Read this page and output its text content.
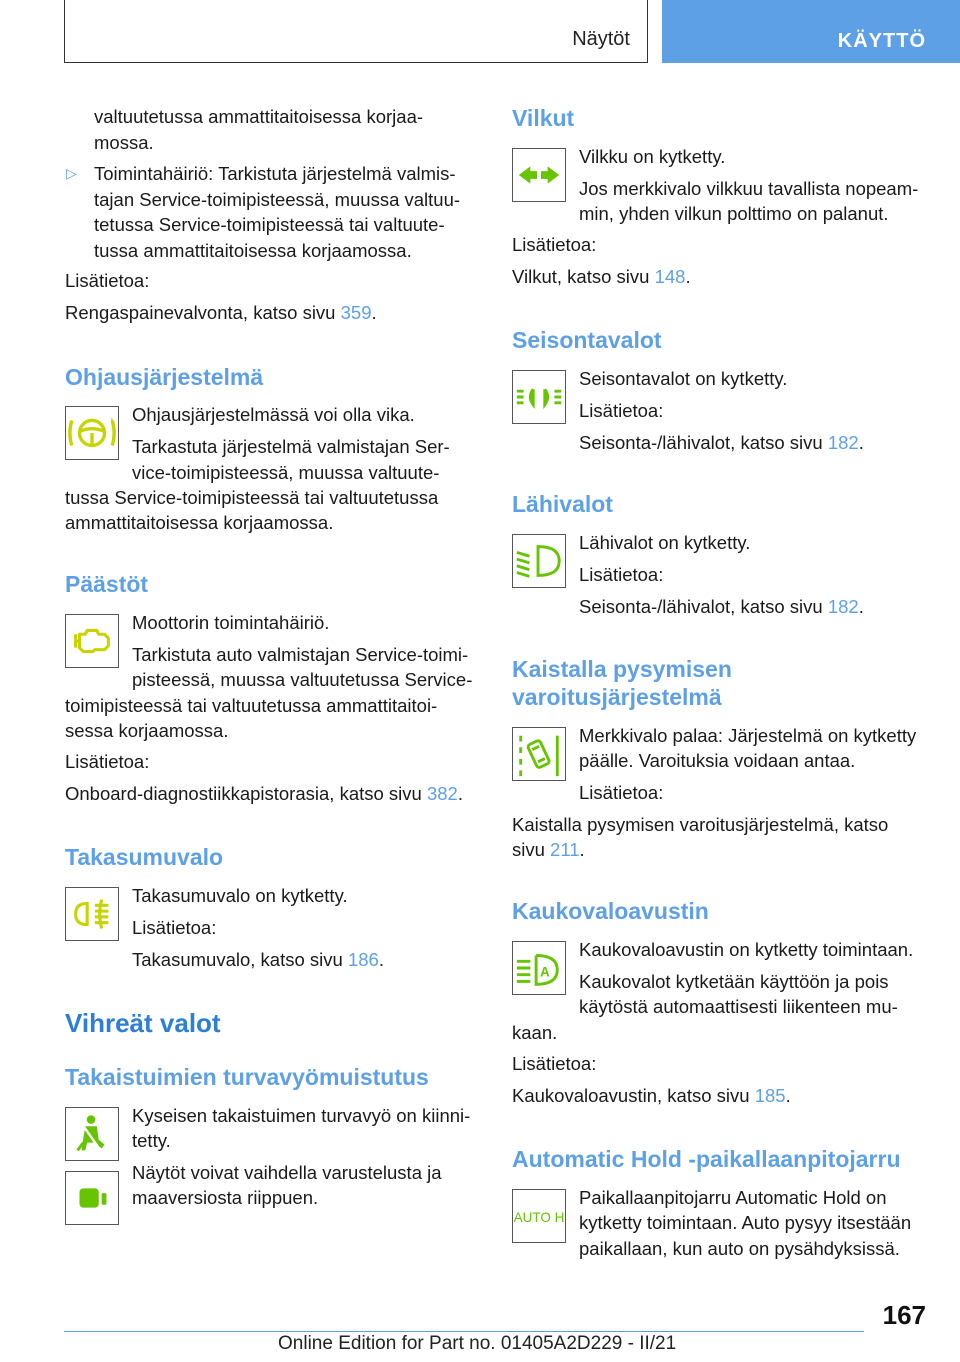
Näytöt	KÄYTTÖ
valtuutetussa ammattitaitoisessa korjaa-
mossa.
▷ Toimintahäiriö: Tarkistuta järjestelmä valmis-
tajan Service-toimipisteessä, muussa valtuu-
tetussa Service-toimipisteessä tai valtuute-
tussa ammattitaitoisessa korjaamossa.
Lisätietoa:
Rengaspainevalvonta, katso sivu 359.
Ohjausjärjestelmä
! Ohjausjärjestelmässä voi olla vika.
Tarkastuta järjestelmä valmistajan Ser-
vice-toimipisteessä, muussa valtuute-
tussa Service-toimipisteessä tai valtuutetussa
ammattitaitoisessa korjaamossa.
Päästöt
Moottorin toimintahäiriö.
Tarkistuta auto valmistajan Service-toimi-
pisteessä, muussa valtuutetussa Service-
toimipisteessä tai valtuutetussa ammattitaitoi-
sessa korjaamossa.
Lisätietoa:
Onboard-diagnostiikkapistorasia, katso sivu 382.
Takasumuvalo
Takasumuvalo on kytketty.
Lisätietoa:
Takasumuvalo, katso sivu 186.
Vihreät valot
Takaistuimien turvavyömuistutus
Kyseisen takaistuimen turvavyö on kiinni-
tetty.
Näytöt voivat vaihdella varustelusta ja
maaversiosta riippuen.
Vilkut
Vilkku on kytketty.
Jos merkkivalo vilkkuu tavallista nopeam-
min, yhden vilkun polttimo on palanut.
Lisätietoa:
Vilkut, katso sivu 148.
Seisontavalot
Seisontavalot on kytketty.
Lisätietoa:
Seisonta-/lähivalot, katso sivu 182.
Lähivalot
Lähivalot on kytketty.
Lisätietoa:
Seisonta-/lähivalot, katso sivu 182.
Kaistalla pysymisen
varoitusjärjestelmä
Merkkivalo palaa: Järjestelmä on kytketty
päälle. Varoituksia voidaan antaa.
Lisätietoa:
Kaistalla pysymisen varoitusjärjestelmä, katso
sivu 211.
Kaukovaloavustin
A
Kaukovaloavustin on kytketty toimintaan.
Kaukovalot kytketään käyttöön ja pois
käytöstä automaattisesti liikenteen mu-
kaan.
Lisätietoa:
Kaukovaloavustin, katso sivu 185.
Automatic Hold -paikallaanpitojarru
AUTO H
Paikallaanpitojarru Automatic Hold on
kytketty toimintaan. Auto pysyy itsestään
paikallaan, kun auto on pysähdyksissä.
167
Online Edition for Part no. 01405A2D229 - II/21
